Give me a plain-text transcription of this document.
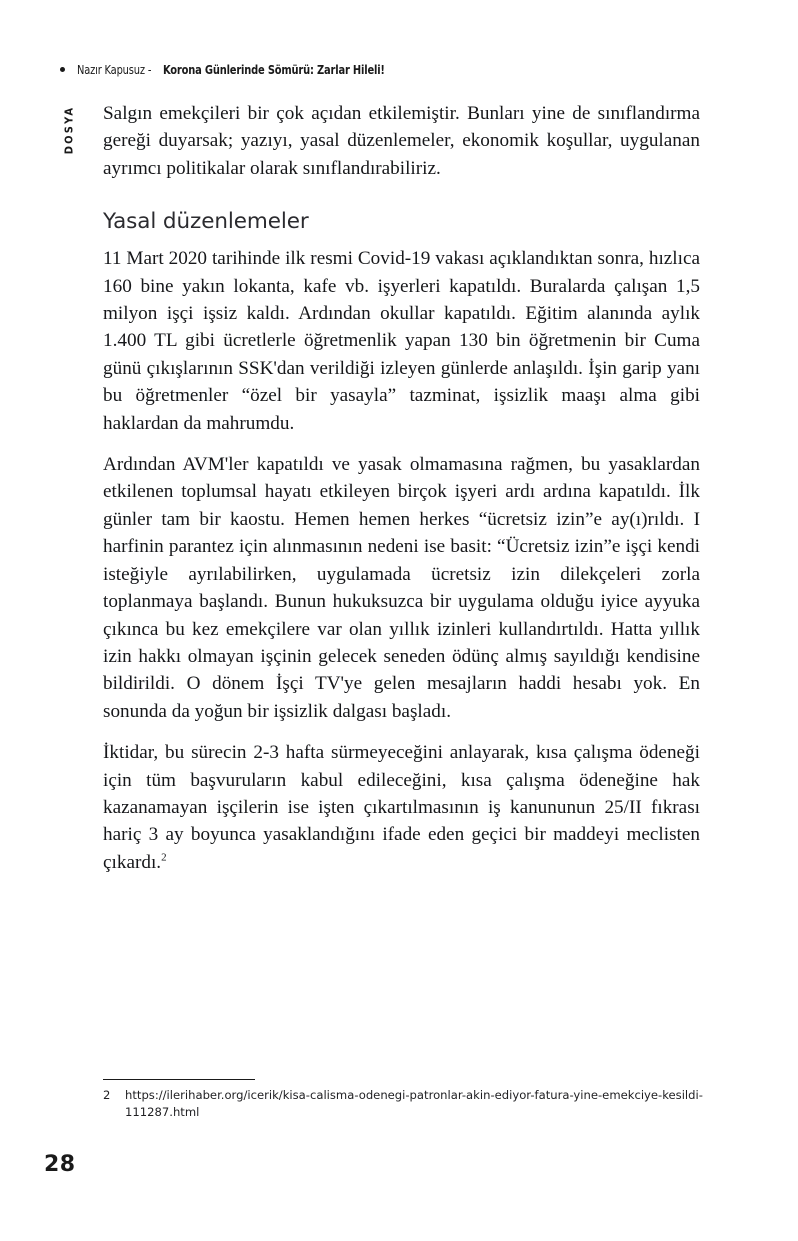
Nazır Kapusuz - Korona Günlerinde Sömürü: Zarlar Hileli!
DOSYA Salgın emekçileri bir çok açıdan etkilemiştir. Bunları yine de sınıflandırma gereği duyarsak; yazıyı, yasal düzenlemeler, ekonomik koşullar, uygulanan ayrımcı politikalar olarak sınıflandırabiliriz.

Yasal düzenlemeler

11 Mart 2020 tarihinde ilk resmi Covid-19 vakası açıklandıktan sonra, hızlıca 160 bine yakın lokanta, kafe vb. işyerleri kapatıldı. Buralarda çalışan 1,5 milyon işçi işsiz kaldı. Ardından okullar kapatıldı. Eğitim alanında aylık 1.400 TL gibi ücretlerle öğretmenlik yapan 130 bin öğretmenin bir Cuma günü çıkışlarının SSK'dan verildiği izleyen günlerde anlaşıldı. İşin garip yanı bu öğretmenler “özel bir yasayla” tazminat, işsizlik maaşı alma gibi haklardan da mahrumdu.

Ardından AVM'ler kapatıldı ve yasak olmamasına rağmen, bu yasaklardan etkilenen toplumsal hayatı etkileyen birçok işyeri ardı ardına kapatıldı. İlk günler tam bir kaostu. Hemen hemen herkes “ücretsiz izin”e ay(ı)rıldı. I harfinin parantez için alınmasının nedeni ise basit: “Ücretsiz izin”e işçi kendi isteğiyle ayrılabilirken, uygulamada ücretsiz izin dilekçeleri zorla toplanmaya başlandı. Bunun hukuksuzca bir uygulama olduğu iyice ayyuka çıkınca bu kez emekçilere var olan yıllık izinleri kullandırtıldı. Hatta yıllık izin hakkı olmayan işçinin gelecek seneden ödünç almış sayıldığı kendisine bildirildi. O dönem İşçi TV'ye gelen mesajların haddi hesabı yok. En sonunda da yoğun bir işsizlik dalgası başladı.

İktidar, bu sürecin 2-3 hafta sürmeyeceğini anlayarak, kısa çalışma ödeneği için tüm başvuruların kabul edileceğini, kısa çalışma ödeneğine hak kazanamayan işçilerin ise işten çıkartılmasının iş kanununun 25/II fıkrası hariç 3 ay boyunca yasaklandığını ifade eden geçici bir maddeyi meclisten çıkardı.$^2$

2	https://ilerihaber.org/icerik/kisa-calisma-odenegi-patronlar-akin-ediyor-fatura-yine-emekciye-kesildi-111287.html
28
